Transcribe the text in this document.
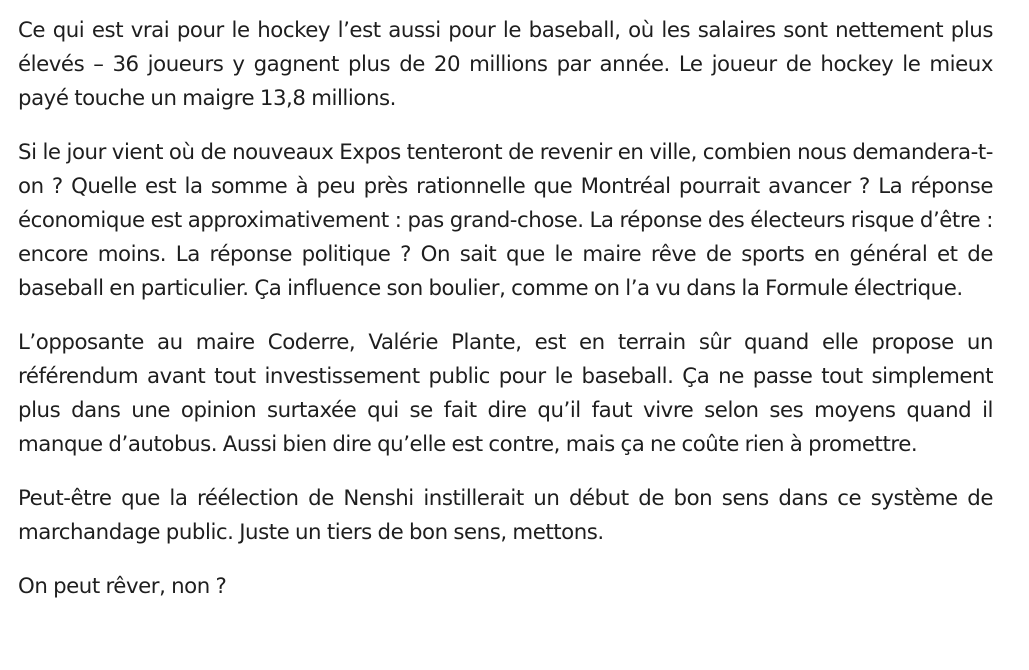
Ce qui est vrai pour le hockey l’est aussi pour le baseball, où les salaires sont nettement plus élevés – 36 joueurs y gagnent plus de 20 millions par année. Le joueur de hockey le mieux payé touche un maigre 13,8 millions.

Si le jour vient où de nouveaux Expos tenteront de revenir en ville, combien nous demandera-t-on ? Quelle est la somme à peu près rationnelle que Montréal pourrait avancer ? La réponse économique est approximativement : pas grand-chose. La réponse des électeurs risque d’être : encore moins. La réponse politique ? On sait que le maire rêve de sports en général et de baseball en particulier. Ça influence son boulier, comme on l’a vu dans la Formule électrique.

L’opposante au maire Coderre, Valérie Plante, est en terrain sûr quand elle propose un référendum avant tout investissement public pour le baseball. Ça ne passe tout simplement plus dans une opinion surtaxée qui se fait dire qu’il faut vivre selon ses moyens quand il manque d’autobus. Aussi bien dire qu’elle est contre, mais ça ne coûte rien à promettre.

Peut-être que la réélection de Nenshi instillerait un début de bon sens dans ce système de marchandage public. Juste un tiers de bon sens, mettons.

On peut rêver, non ?
